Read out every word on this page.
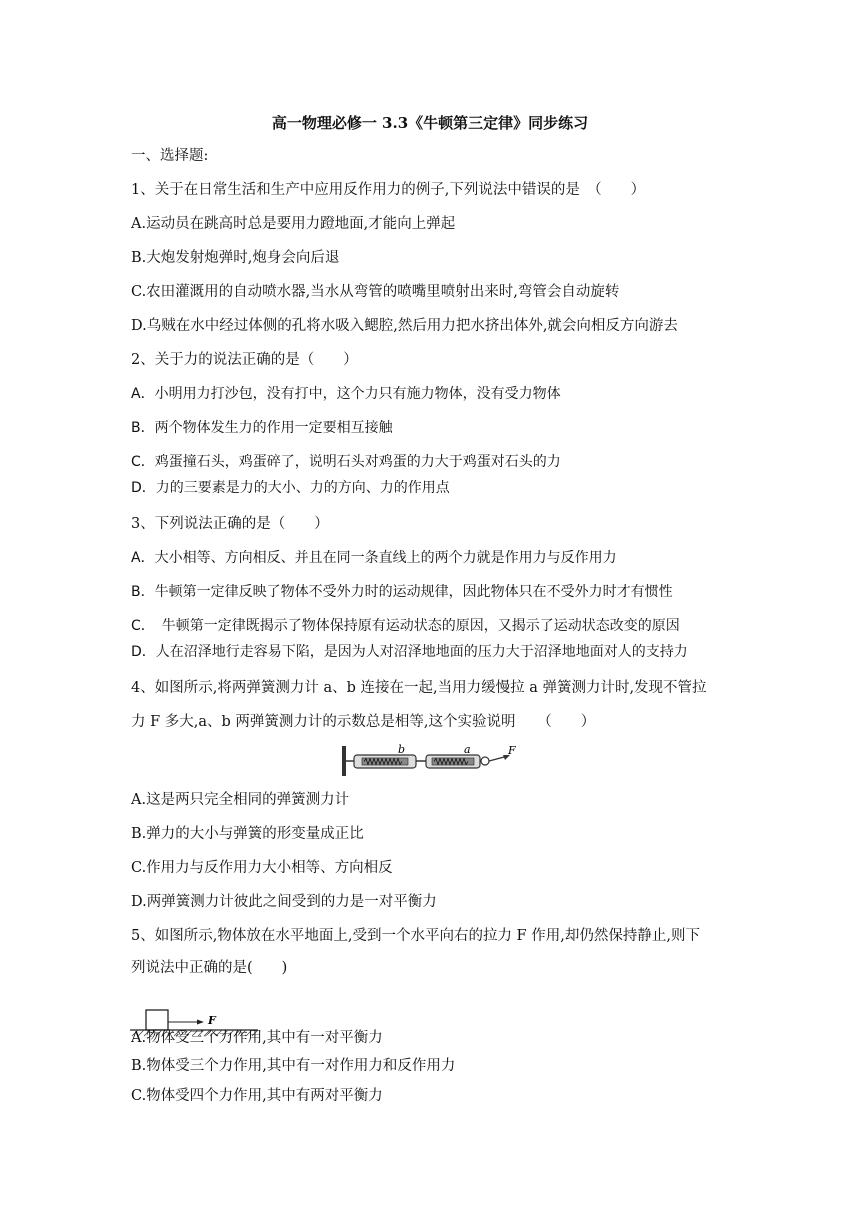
高一物理必修一 3.3《牛顿第三定律》同步练习
一、选择题:
1、关于在日常生活和生产中应用反作用力的例子,下列说法中错误的是　（　　）
A.运动员在跳高时总是要用力蹬地面,才能向上弹起
B.大炮发射炮弹时,炮身会向后退
C.农田灌溉用的自动喷水器,当水从弯管的喷嘴里喷射出来时,弯管会自动旋转
D.乌贼在水中经过体侧的孔将水吸入鳃腔,然后用力把水挤出体外,就会向相反方向游去
2、关于力的说法正确的是（　　）
A．小明用力打沙包，没有打中，这个力只有施力物体，没有受力物体
B．两个物体发生力的作用一定要相互接触
C．鸡蛋撞石头，鸡蛋碎了，说明石头对鸡蛋的力大于鸡蛋对石头的力
D．力的三要素是力的大小、力的方向、力的作用点
3、下列说法正确的是（　　）
A．大小相等、方向相反、并且在同一条直线上的两个力就是作用力与反作用力
B．牛顿第一定律反映了物体不受外力时的运动规律，因此物体只在不受外力时才有惯性
C．　牛顿第一定律既揭示了物体保持原有运动状态的原因，又揭示了运动状态改变的原因
D．人在沼泽地行走容易下陷，是因为人对沼泽地地面的压力大于沼泽地地面对人的支持力
4、如图所示,将两弹簧测力计 a、b 连接在一起,当用力缓慢拉 a 弹簧测力计时,发现不管拉
力 F 多大,a、b 两弹簧测力计的示数总是相等,这个实验说明　　（　　）
b	a	F
A.这是两只完全相同的弹簧测力计
B.弹力的大小与弹簧的形变量成正比
C.作用力与反作用力大小相等、方向相反
D.两弹簧测力计彼此之间受到的力是一对平衡力
5、如图所示,物体放在水平地面上,受到一个水平向右的拉力 F 作用,却仍然保持静止,则下
列说法中正确的是(　　)
F
A.物体受三个力作用,其中有一对平衡力
B.物体受三个力作用,其中有一对作用力和反作用力
C.物体受四个力作用,其中有两对平衡力
